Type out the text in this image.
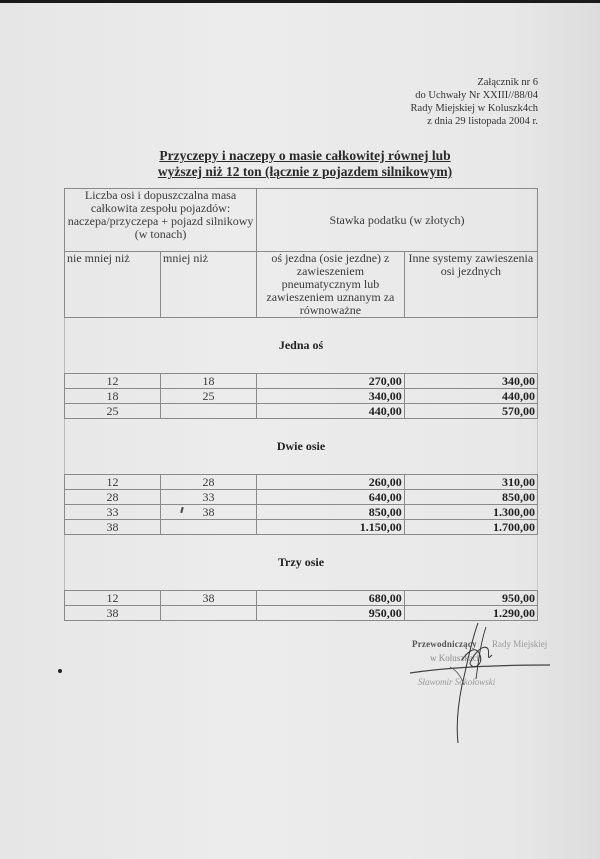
Załącznik nr 6
do Uchwały Nr XXIII//88/04
Rady Miejskiej w Koluszk4ch
z dnia 29 listopada 2004 r.
Przyczepy i naczepy o masie całkowitej równej lub
wyższej niż 12 ton (łącznie z pojazdem silnikowym)
Liczba osi i dopuszczalna masa całkowita zespołu pojazdów: naczepa/przyczepa + pojazd silnikowy (w tonach)		Stawka podatku (w złotych)	
nie mniej niż	mniej niż	oś jezdna (osie jezdne) z zawieszeniem pneumatycznym lub zawieszeniem uznanym za równoważne	Inne systemy zawieszenia osi jezdnych
Jedna oś			
12	18	270,00	340,00
18	25	340,00	440,00
25		440,00	570,00
Dwie osie			
12	28	260,00	310,00
28	33	640,00	850,00
33	38	850,00	1.300,00
38		1.150,00	1.700,00
Trzy osie			
12	38	680,00	950,00
38		950,00	1.290,00
Przewodniczący Rady Miejskiej
w Koluszkach
Sławomir Sokołowski
